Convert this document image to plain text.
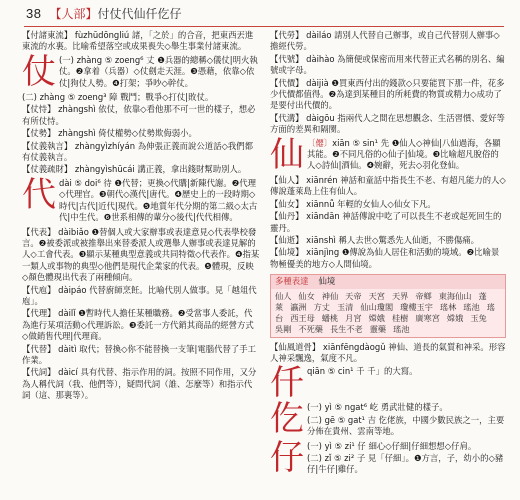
38 【人部】付仗代仙仟仡仔

【付諸東流】 fùzhūdōngliú 諸，「之於」的合音，把東西丟進東流的水裏。比喻希望落空或成果喪失◇舉生事業付諸東流。

仗 (一) zhàng ⑤ zoeng⁶ 丈 ❶兵器的總稱◇儀仗|明火執仗。❷拿着（兵器）◇仗劍走天涯。❸憑藉，依靠◇依仗|狗仗人勢。❹打架；爭吵◇幹仗。

(二) zhàng ⑤ zoeng³ 障 戰鬥；戰爭◇打仗|敗仗。

【仗恃】 zhàngshì 依仗，依靠◇看他那不可一世的樣子，想必有所仗恃。

【仗勢】 zhàngshì 倚仗權勢◇仗勢欺侮弱小。

【仗義執言】 zhàngyìzhíyán 為伸張正義而說公道話◇我們都有仗義執言。

【仗義疏財】 zhàngyìshūcái 講正義，拿出錢財幫助別人。

代 dài ⑤ doi⁶ 待 ❶代替；更換◇代購|新陳代謝。❷代理◇代理官。❸朝代◇漢代|唐代。❹歷史上的一段時期◇時代|古代|近代|現代。❺地質年代分期的第二級◇太古代|中生代。❻世系相傳的輩分◇後代|代代相傳。

【代表】 dàibiǎo ❶替個人或大家辦事或表達意見◇代表學校發言。❷被委派或被推舉出來替委派人或選舉人辦事或表達見解的人◇工會代表。❸顯示某種典型意義或共同特徵◇代表作。❹指某一類人或事物的典型◇他們是現代企業家的代表。❺體現，反映◇顏色體現出代表了兩種傾向。

【代庖】 dàipáo 代替廚師烹飪。比喻代別人做事。見「越俎代庖」。

【代理】 dàilǐ ❶暫時代人擔任某種職務。❷受當事人委託，代為進行某項活動◇代理訴訟。❸委託一方代銷其商品的經營方式◇做銷售代理|代理商。

【代替】 dàitì 取代；替換◇你不能替換一支筆|電腦代替了手工作業。

【代詞】 dàicí 具有代替、指示作用的詞。按照不同作用，又分為人稱代詞（我、他們等），疑問代詞（誰、怎麼等）和指示代詞（這、那裏等）。

【代勞】 dàiláo 請別人代替自己辦事，或自己代替別人辦事◇擔經代勞。

【代號】 dàihào 為簡便或保密而用來代替正式名稱的別名、編號或字母。

【代價】 dàijià ❶買東西付出的錢款◇只要能買下那一件，花多少代價都值得。❷為達到某種目的所耗費的物質或精力◇成功了是要付出代價的。

【代溝】 dàigōu 指兩代人之間在思想觀念、生活習慣、愛好等方面的差異和隔閡。

仙 〔僊〕xiān ⑤ sin¹ 先 ❶仙人◇神仙|八仙過海，各顯其能。❷不同凡俗的◇仙子|仙境。❸比喻超凡脫俗的人◇詩仙|酒仙。❹婉辭，死去◇羽化登仙。

【仙人】 xiānrén 神話和童話中指長生不老、有超凡能力的人◇傳說蓬萊島上住有仙人。

【仙女】 xiānnǚ 年輕的女仙人◇仙女下凡。

【仙丹】 xiāndān 神話傳說中吃了可以長生不老或起死回生的靈丹。

【仙逝】 xiānshì 稱人去世◇驚悉先人仙逝，不勝傷痛。

【仙境】 xiānjìng ❶傳說為仙人居住和活動的境域。❷比喻景物極優美的地方◇人間仙境。

多種表達 仙境
仙人 仙女 神仙 天帝 天宮 天界 帝鄉 東海仙山 蓬萊 瀛洲 方丈 玉清 仙山瓊閣 瓊樓玉宇 瑤林 瑤池 瑤台 西王母 蟠桃 月宮 嫦娥 桂樹 廣寒宮 嫦娥 玉兔吳剛 不死藥 長生不老 靈藥 瑤池

【仙風道骨】 xiānfēngdàogǔ 神仙、道長的氣質和神采。形容人神采飄逸，氣度不凡。

仟 qiān ⑤ cin¹ 千 千」的大寫。

仡 (一) yì ⑤ ngat⁶ 屹 勇武壯健的樣子。

(二) gē ⑤ gat¹ 吉 仡佬族，中國少數民族之一，主要分佈在貴州、雲南等地。

仔 (一) yì ⑤ zi¹ 仔 細心◇仔細|仔細想想◇仔肩。

(二) zǐ ⑤ zi² 子 見「仔細」。❶方言，子，幼小的◇豬仔|牛仔|雞仔。
